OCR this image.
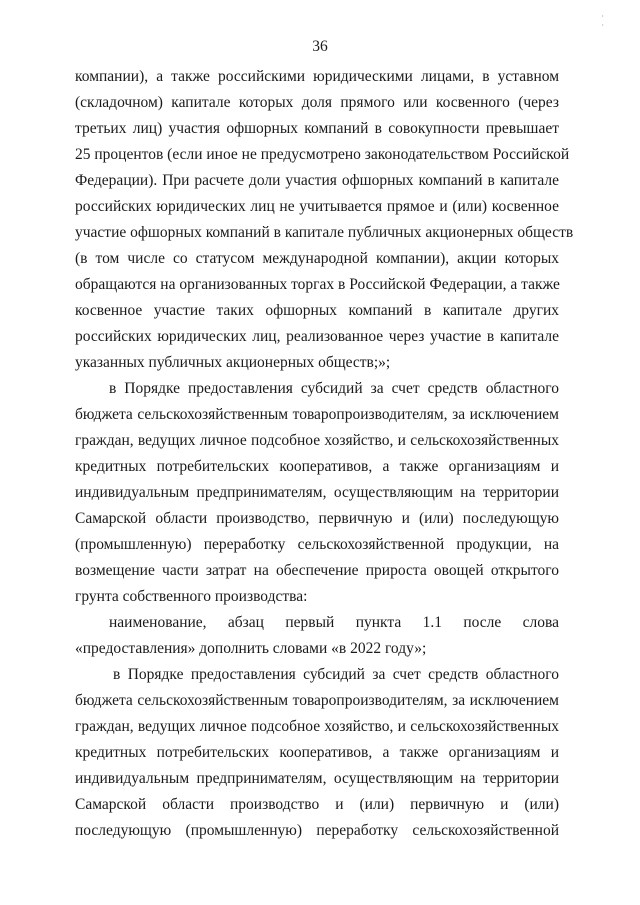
·
·
36
компании), а также российскими юридическими лицами, в уставном
(складочном) капитале которых доля прямого или косвенного (через
третьих лиц) участия офшорных компаний в совокупности превышает
25 процентов (если иное не предусмотрено законодательством Российской
Федерации). При расчете доли участия офшорных компаний в капитале
российских юридических лиц не учитывается прямое и (или) косвенное
участие офшорных компаний в капитале публичных акционерных обществ
(в том числе со статусом международной компании), акции которых
обращаются на организованных торгах в Российской Федерации, а также
косвенное участие таких офшорных компаний в капитале других
российских юридических лиц, реализованное через участие в капитале
указанных публичных акционерных обществ;»;
в Порядке предоставления субсидий за счет средств областного
бюджета сельскохозяйственным товаропроизводителям, за исключением
граждан, ведущих личное подсобное хозяйство, и сельскохозяйственных
кредитных потребительских кооперативов, а также организациям и
индивидуальным предпринимателям, осуществляющим на территории
Самарской области производство, первичную и (или) последующую
(промышленную) переработку сельскохозяйственной продукции, на
возмещение части затрат на обеспечение прироста овощей открытого
грунта собственного производства:
наименование, абзац первый пункта 1.1 после слова
«предоставления» дополнить словами «в 2022 году»;
в Порядке предоставления субсидий за счет средств областного
бюджета сельскохозяйственным товаропроизводителям, за исключением
граждан, ведущих личное подсобное хозяйство, и сельскохозяйственных
кредитных потребительских кооперативов, а также организациям и
индивидуальным предпринимателям, осуществляющим на территории
Самарской области производство и (или) первичную и (или)
последующую (промышленную) переработку сельскохозяйственной
